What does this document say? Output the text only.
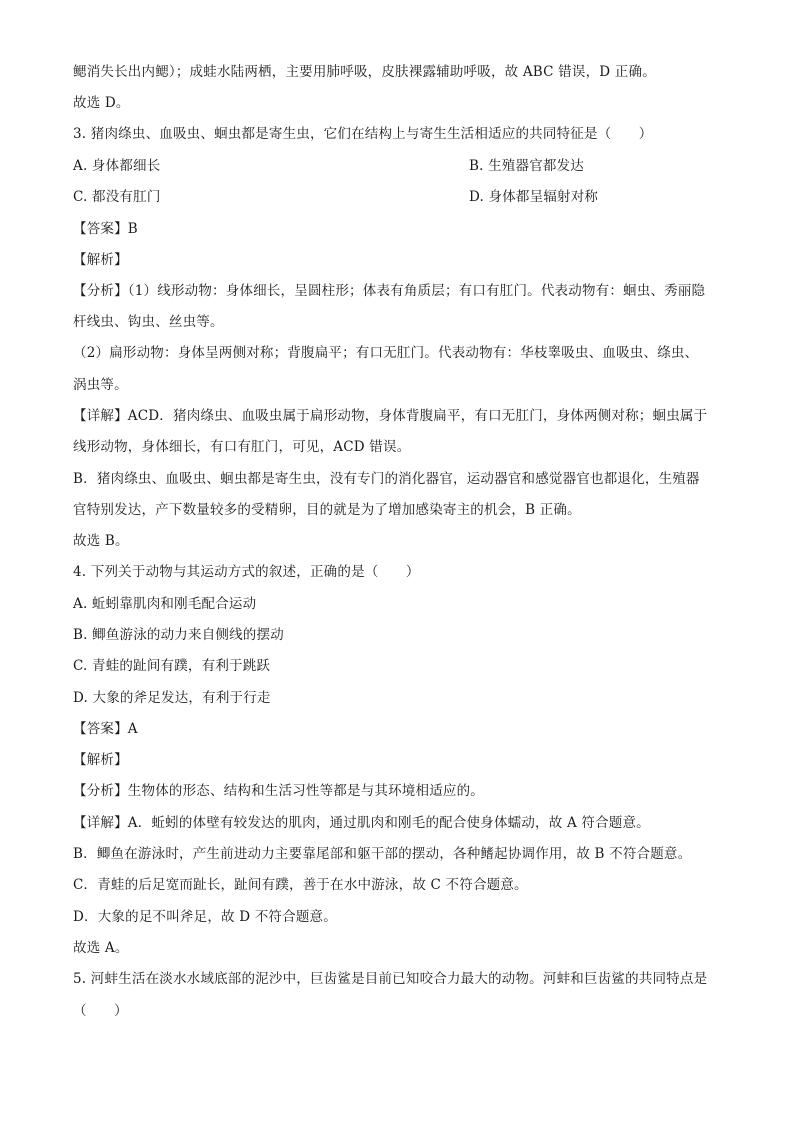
鳃消失长出内鳃）；成蛙水陆两栖，主要用肺呼吸，皮肤裸露辅助呼吸，故 ABC 错误，D 正确。
故选 D。
3. 猪肉绦虫、血吸虫、蛔虫都是寄生虫，它们在结构上与寄生生活相适应的共同特征是（　　）
A. 身体都细长	B. 生殖器官都发达
C. 都没有肛门	D. 身体都呈辐射对称
【答案】B
【解析】
【分析】（1）线形动物：身体细长，呈圆柱形；体表有角质层；有口有肛门。代表动物有：蛔虫、秀丽隐
杆线虫、钩虫、丝虫等。
（2）扁形动物：身体呈两侧对称；背腹扁平；有口无肛门。代表动物有：华枝睾吸虫、血吸虫、绦虫、
涡虫等。
【详解】ACD．猪肉绦虫、血吸虫属于扁形动物，身体背腹扁平，有口无肛门，身体两侧对称；蛔虫属于
线形动物，身体细长，有口有肛门，可见，ACD 错误。
B．猪肉绦虫、血吸虫、蛔虫都是寄生虫，没有专门的消化器官，运动器官和感觉器官也都退化，生殖器
官特别发达，产下数量较多的受精卵，目的就是为了增加感染寄主的机会，B 正确。
故选 B。
4. 下列关于动物与其运动方式的叙述，正确的是（　　）
A. 蚯蚓靠肌肉和刚毛配合运动
B. 鲫鱼游泳的动力来自侧线的摆动
C. 青蛙的趾间有蹼，有利于跳跃
D. 大象的斧足发达，有利于行走
【答案】A
【解析】
【分析】生物体的形态、结构和生活习性等都是与其环境相适应的。
【详解】A．蚯蚓的体壁有较发达的肌肉，通过肌肉和刚毛的配合使身体蠕动，故 A 符合题意。
B．鲫鱼在游泳时，产生前进动力主要靠尾部和躯干部的摆动，各种鳍起协调作用，故 B 不符合题意。
C．青蛙的后足宽而趾长，趾间有蹼，善于在水中游泳，故 C 不符合题意。
D．大象的足不叫斧足，故 D 不符合题意。
故选 A。
5. 河蚌生活在淡水水域底部的泥沙中，巨齿鲨是目前已知咬合力最大的动物。河蚌和巨齿鲨的共同特点是
（　　）
